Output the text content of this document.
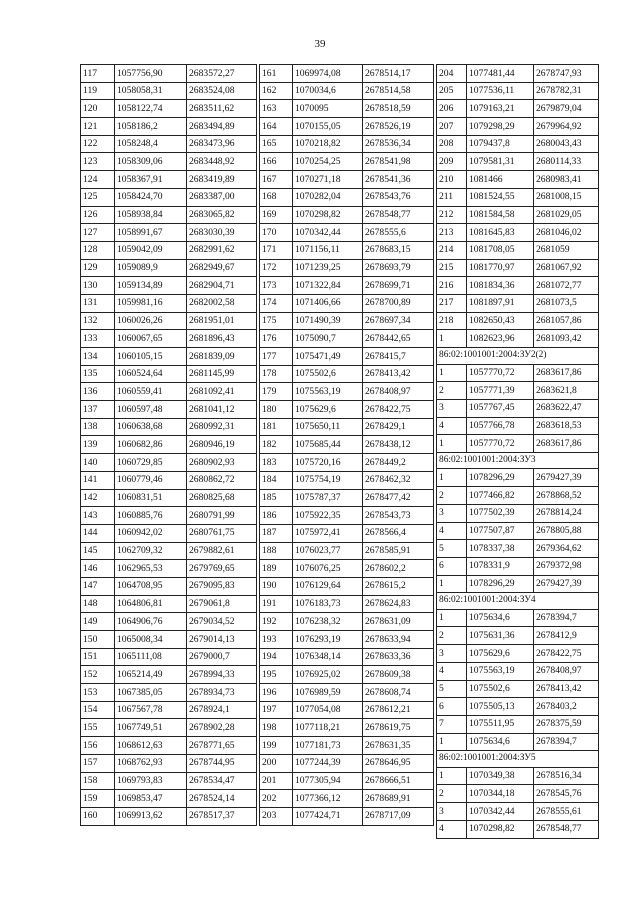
39
117	1057756,90	2683572,27
119	1058058,31	2683524,08
120	1058122,74	2683511,62
121	1058186,2	2683494,89
122	1058248,4	2683473,96
123	1058309,06	2683448,92
124	1058367,91	2683419,89
125	1058424,70	2683387,00
126	1058938,84	2683065,82
127	1058991,67	2683030,39
128	1059042,09	2682991,62
129	1059089,9	2682949,67
130	1059134,89	2682904,71
131	1059981,16	2682002,58
132	1060026,26	2681951,01
133	1060067,65	2681896,43
134	1060105,15	2681839,09
135	1060524,64	2681145,99
136	1060559,41	2681092,41
137	1060597,48	2681041,12
138	1060638,68	2680992,31
139	1060682,86	2680946,19
140	1060729,85	2680902,93
141	1060779,46	2680862,72
142	1060831,51	2680825,68
143	1060885,76	2680791,99
144	1060942,02	2680761,75
145	1062709,32	2679882,61
146	1062965,53	2679769,65
147	1064708,95	2679095,83
148	1064806,81	2679061,8
149	1064906,76	2679034,52
150	1065008,34	2679014,13
151	1065111,08	2679000,7
152	1065214,49	2678994,33
153	1067385,05	2678934,73
154	1067567,78	2678924,1
155	1067749,51	2678902,28
156	1068612,63	2678771,65
157	1068762,93	2678744,95
158	1069793,83	2678534,47
159	1069853,47	2678524,14
160	1069913,62	2678517,37
161	1069974,08	2678514,17
162	1070034,6	2678514,58
163	1070095	2678518,59
164	1070155,05	2678526,19
165	1070218,82	2678536,34
166	1070254,25	2678541,98
167	1070271,18	2678541,36
168	1070282,04	2678543,76
169	1070298,82	2678548,77
170	1070342,44	2678555,6
171	1071156,11	2678683,15
172	1071239,25	2678693,79
173	1071322,84	2678699,71
174	1071406,66	2678700,89
175	1071490,39	2678697,34
176	1075090,7	2678442,65
177	1075471,49	2678415,7
178	1075502,6	2678413,42
179	1075563,19	2678408,97
180	1075629,6	2678422,75
181	1075650,11	2678429,1
182	1075685,44	2678438,12
183	1075720,16	2678449,2
184	1075754,19	2678462,32
185	1075787,37	2678477,42
186	1075922,35	2678543,73
187	1075972,41	2678566,4
188	1076023,77	2678585,91
189	1076076,25	2678602,2
190	1076129,64	2678615,2
191	1076183,73	2678624,83
192	1076238,32	2678631,09
193	1076293,19	2678633,94
194	1076348,14	2678633,36
195	1076925,02	2678609,38
196	1076989,59	2678608,74
197	1077054,08	2678612,21
198	1077118,21	2678619,75
199	1077181,73	2678631,35
200	1077244,39	2678646,95
201	1077305,94	2678666,51
202	1077366,12	2678689,91
203	1077424,71	2678717,09
204	1077481,44	2678747,93
205	1077536,11	2678782,31
206	1079163,21	2679879,04
207	1079298,29	2679964,92
208	1079437,8	2680043,43
209	1079581,31	2680114,33
210	1081466	2680983,41
211	1081524,55	2681008,15
212	1081584,58	2681029,05
213	1081645,83	2681046,02
214	1081708,05	2681059
215	1081770,97	2681067,92
216	1081834,36	2681072,77
217	1081897,91	2681073,5
218	1082650,43	2681057,86
1	1082623,96	2681093,42
86:02:1001001:2004:ЗУ2(2)		
1	1057770,72	2683617,86
2	1057771,39	2683621,8
3	1057767,45	2683622,47
4	1057766,78	2683618,53
1	1057770,72	2683617,86
86:02:1001001:2004:ЗУ3		
1	1078296,29	2679427,39
2	1077466,82	2678868,52
3	1077502,39	2678814,24
4	1077507,87	2678805,88
5	1078337,38	2679364,62
6	1078331,9	2679372,98
1	1078296,29	2679427,39
86:02:1001001:2004:ЗУ4		
1	1075634,6	2678394,7
2	1075631,36	2678412,9
3	1075629,6	2678422,75
4	1075563,19	2678408,97
5	1075502,6	2678413,42
6	1075505,13	2678403,2
7	1075511,95	2678375,59
1	1075634,6	2678394,7
86:02:1001001:2004:ЗУ5		
1	1070349,38	2678516,34
2	1070344,18	2678545,76
3	1070342,44	2678555,61
4	1070298,82	2678548,77
